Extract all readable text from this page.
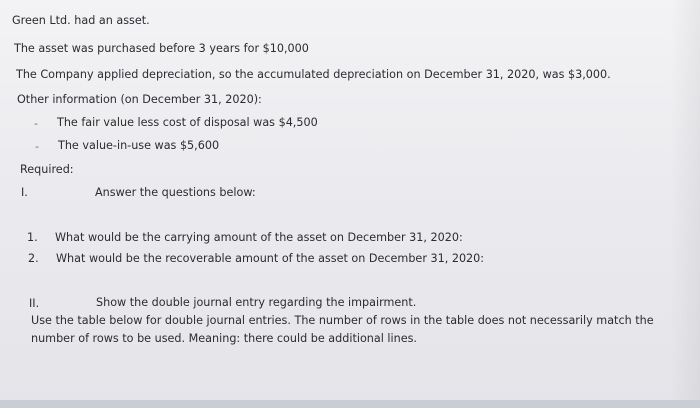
Green Ltd. had an asset.
The asset was purchased before 3 years for $10,000
The Company applied depreciation, so the accumulated depreciation on December 31, 2020, was $3,000.
Other information (on December 31, 2020):
- The fair value less cost of disposal was $4,500
- The value-in-use was $5,600
Required:
I.	Answer the questions below:
1. What would be the carrying amount of the asset on December 31, 2020:
2. What would be the recoverable amount of the asset on December 31, 2020:
II.	Show the double journal entry regarding the impairment.
Use the table below for double journal entries. The number of rows in the table does not necessarily match the number of rows to be used. Meaning: there could be additional lines.
